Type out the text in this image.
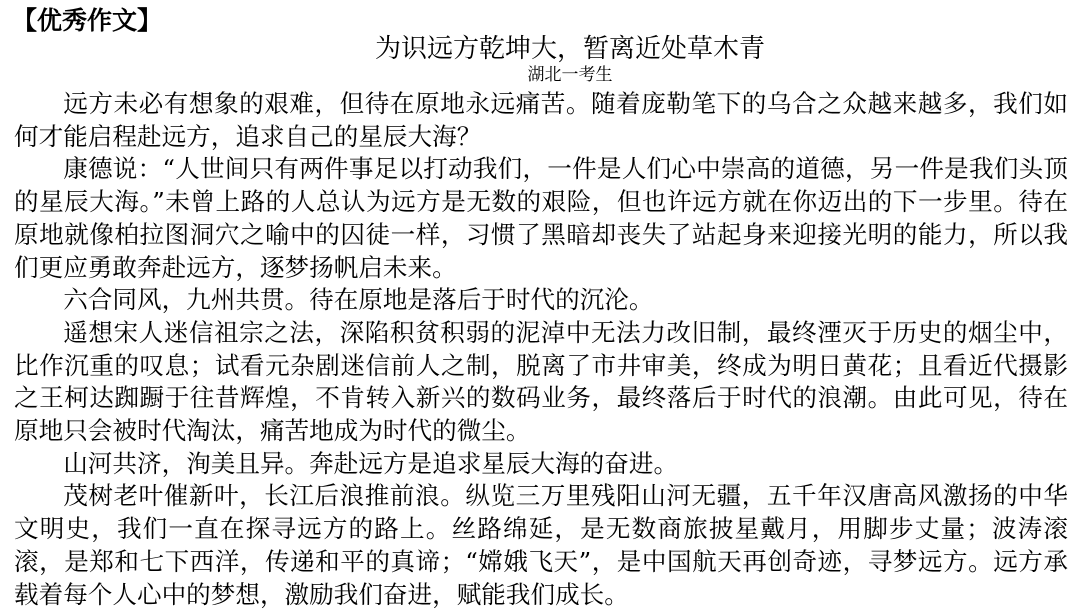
【优秀作文】
为识远方乾坤大，暂离近处草木青
湖北一考生

远方未必有想象的艰难，但待在原地永远痛苦。随着庞勒笔下的乌合之众越来越多，我们如何才能启程赴远方，追求自己的星辰大海？

康德说：“人世间只有两件事足以打动我们，一件是人们心中崇高的道德，另一件是我们头顶的星辰大海。”未曾上路的人总认为远方是无数的艰险，但也许远方就在你迈出的下一步里。待在原地就像柏拉图洞穴之喻中的囚徒一样，习惯了黑暗却丧失了站起身来迎接光明的能力，所以我们更应勇敢奔赴远方，逐梦扬帆启未来。

六合同风，九州共贯。待在原地是落后于时代的沉沦。

遥想宋人迷信祖宗之法，深陷积贫积弱的泥淖中无法力改旧制，最终湮灭于历史的烟尘中，比作沉重的叹息；试看元杂剧迷信前人之制，脱离了市井审美，终成为明日黄花；且看近代摄影之王柯达踟蹰于往昔辉煌，不肯转入新兴的数码业务，最终落后于时代的浪潮。由此可见，待在原地只会被时代淘汰，痛苦地成为时代的微尘。

山河共济，洵美且异。奔赴远方是追求星辰大海的奋进。

茂树老叶催新叶，长江后浪推前浪。纵览三万里残阳山河无疆，五千年汉唐高风激扬的中华文明史，我们一直在探寻远方的路上。丝路绵延，是无数商旅披星戴月，用脚步丈量；波涛滚滚，是郑和七下西洋，传递和平的真谛；“嫦娥飞天”，是中国航天再创奇迹，寻梦远方。远方承载着每个人心中的梦想，激励我们奋进，赋能我们成长。
